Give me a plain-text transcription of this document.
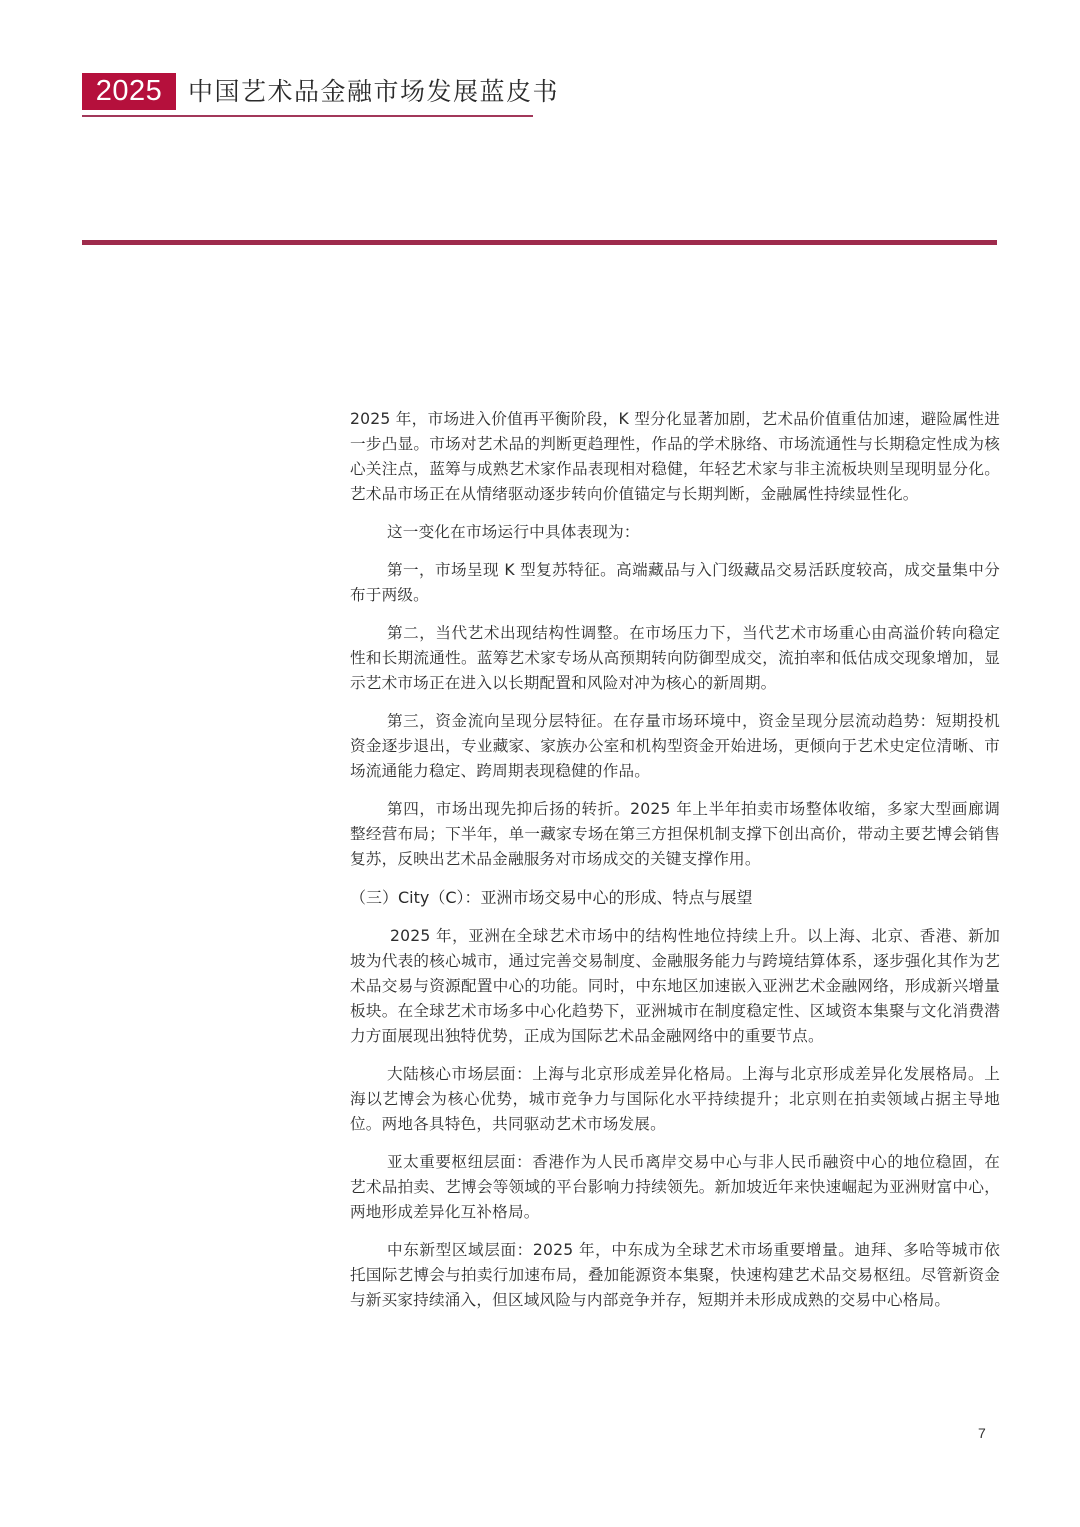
2025	中国艺术品金融市场发展蓝皮书

2025 年，市场进入价值再平衡阶段，K 型分化显著加剧，艺术品价值重估加速，避险属性进一步凸显。市场对艺术品的判断更趋理性，作品的学术脉络、市场流通性与长期稳定性成为核心关注点，蓝筹与成熟艺术家作品表现相对稳健，年轻艺术家与非主流板块则呈现明显分化。艺术品市场正在从情绪驱动逐步转向价值锚定与长期判断，金融属性持续显性化。

这一变化在市场运行中具体表现为：

第一，市场呈现 K 型复苏特征。高端藏品与入门级藏品交易活跃度较高，成交量集中分布于两级。

第二，当代艺术出现结构性调整。在市场压力下，当代艺术市场重心由高溢价转向稳定性和长期流通性。蓝筹艺术家专场从高预期转向防御型成交，流拍率和低估成交现象增加，显示艺术市场正在进入以长期配置和风险对冲为核心的新周期。

第三，资金流向呈现分层特征。在存量市场环境中，资金呈现分层流动趋势：短期投机资金逐步退出，专业藏家、家族办公室和机构型资金开始进场，更倾向于艺术史定位清晰、市场流通能力稳定、跨周期表现稳健的作品。

第四，市场出现先抑后扬的转折。2025 年上半年拍卖市场整体收缩，多家大型画廊调整经营布局；下半年，单一藏家专场在第三方担保机制支撑下创出高价，带动主要艺博会销售复苏，反映出艺术品金融服务对市场成交的关键支撑作用。

（三）City（C）：亚洲市场交易中心的形成、特点与展望

2025 年，亚洲在全球艺术市场中的结构性地位持续上升。以上海、北京、香港、新加坡为代表的核心城市，通过完善交易制度、金融服务能力与跨境结算体系，逐步强化其作为艺术品交易与资源配置中心的功能。同时，中东地区加速嵌入亚洲艺术金融网络，形成新兴增量板块。在全球艺术市场多中心化趋势下，亚洲城市在制度稳定性、区域资本集聚与文化消费潜力方面展现出独特优势，正成为国际艺术品金融网络中的重要节点。

大陆核心市场层面：上海与北京形成差异化格局。上海与北京形成差异化发展格局。上海以艺博会为核心优势，城市竞争力与国际化水平持续提升；北京则在拍卖领域占据主导地位。两地各具特色，共同驱动艺术市场发展。

亚太重要枢纽层面：香港作为人民币离岸交易中心与非人民币融资中心的地位稳固，在艺术品拍卖、艺博会等领域的平台影响力持续领先。新加坡近年来快速崛起为亚洲财富中心，两地形成差异化互补格局。

中东新型区域层面：2025 年，中东成为全球艺术市场重要增量。迪拜、多哈等城市依托国际艺博会与拍卖行加速布局，叠加能源资本集聚，快速构建艺术品交易枢纽。尽管新资金与新买家持续涌入，但区域风险与内部竞争并存，短期并未形成成熟的交易中心格局。

7
